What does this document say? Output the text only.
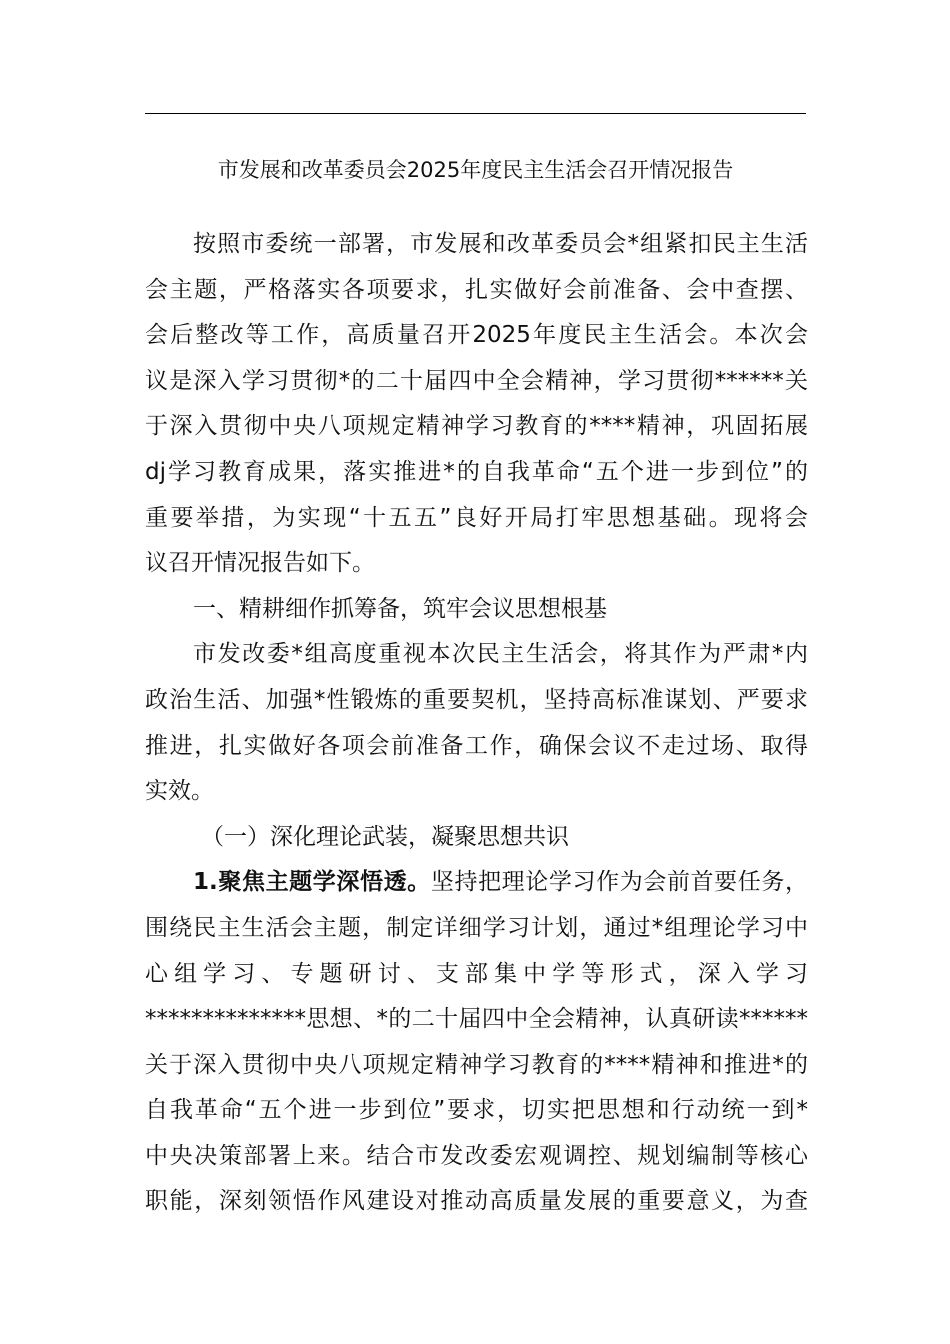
市发展和改革委员会2025年度民主生活会召开情况报告
按照市委统一部署，市发展和改革委员会*组紧扣民主生活
会主题，严格落实各项要求，扎实做好会前准备、会中查摆、
会后整改等工作，高质量召开2025年度民主生活会。本次会
议是深入学习贯彻*的二十届四中全会精神，学习贯彻******关
于深入贯彻中央八项规定精神学习教育的****精神，巩固拓展
dj学习教育成果，落实推进*的自我革命“五个进一步到位”的
重要举措，为实现“十五五”良好开局打牢思想基础。现将会
议召开情况报告如下。
一、精耕细作抓筹备，筑牢会议思想根基
市发改委*组高度重视本次民主生活会，将其作为严肃*内
政治生活、加强*性锻炼的重要契机，坚持高标准谋划、严要求
推进，扎实做好各项会前准备工作，确保会议不走过场、取得
实效。
（一）深化理论武装，凝聚思想共识
1.聚焦主题学深悟透。坚持把理论学习作为会前首要任务，
围绕民主生活会主题，制定详细学习计划，通过*组理论学习中
心组学习、专题研讨、支部集中学等形式，深入学习
**************思想、*的二十届四中全会精神，认真研读******
关于深入贯彻中央八项规定精神学习教育的****精神和推进*的
自我革命“五个进一步到位”要求，切实把思想和行动统一到*
中央决策部署上来。结合市发改委宏观调控、规划编制等核心
职能，深刻领悟作风建设对推动高质量发展的重要意义，为查
